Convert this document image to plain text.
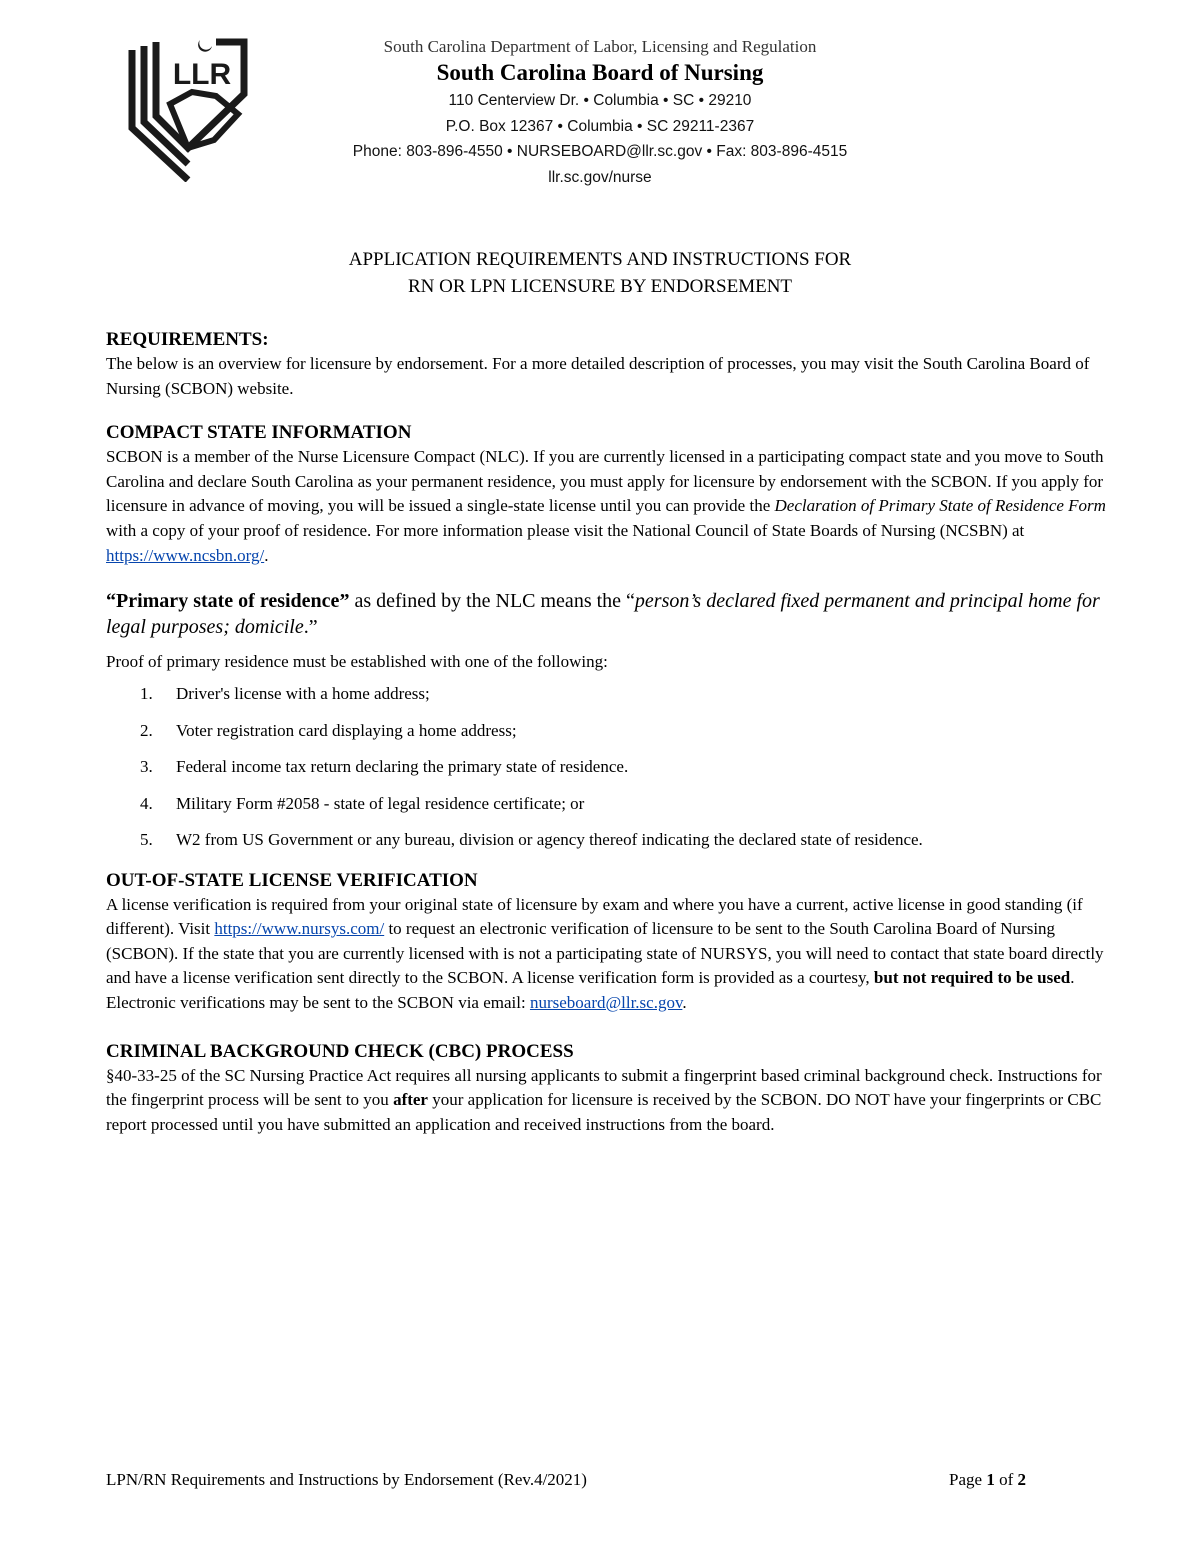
LLR
South Carolina Department of Labor, Licensing and Regulation
South Carolina Board of Nursing
110 Centerview Dr. • Columbia • SC • 29210
P.O. Box 12367 • Columbia • SC 29211-2367
Phone: 803-896-4550 • NURSEBOARD@llr.sc.gov • Fax: 803-896-4515
llr.sc.gov/nurse
APPLICATION REQUIREMENTS AND INSTRUCTIONS FOR
RN OR LPN LICENSURE BY ENDORSEMENT
REQUIREMENTS:

The below is an overview for licensure by endorsement. For a more detailed description of processes, you may visit the South Carolina Board of Nursing (SCBON) website.

COMPACT STATE INFORMATION

SCBON is a member of the Nurse Licensure Compact (NLC). If you are currently licensed in a participating compact state and you move to South Carolina and declare South Carolina as your permanent residence, you must apply for licensure by endorsement with the SCBON. If you apply for licensure in advance of moving, you will be issued a single-state license until you can provide the Declaration of Primary State of Residence Form with a copy of your proof of residence. For more information please visit the National Council of State Boards of Nursing (NCSBN) at https://www.ncsbn.org/.

“Primary state of residence” as defined by the NLC means the “person’s declared fixed permanent and principal home for legal purposes; domicile.”
Proof of primary residence must be established with one of the following:
1. Driver's license with a home address;
2. Voter registration card displaying a home address;
3. Federal income tax return declaring the primary state of residence.
4. Military Form #2058 - state of legal residence certificate; or
5. W2 from US Government or any bureau, division or agency thereof indicating the declared state of residence.
OUT-OF-STATE LICENSE VERIFICATION

A license verification is required from your original state of licensure by exam and where you have a current, active license in good standing (if different). Visit https://www.nursys.com/ to request an electronic verification of licensure to be sent to the South Carolina Board of Nursing (SCBON). If the state that you are currently licensed with is not a participating state of NURSYS, you will need to contact that state board directly and have a license verification sent directly to the SCBON. A license verification form is provided as a courtesy, but not required to be used. Electronic verifications may be sent to the SCBON via email: nurseboard@llr.sc.gov.

CRIMINAL BACKGROUND CHECK (CBC) PROCESS

§40-33-25 of the SC Nursing Practice Act requires all nursing applicants to submit a fingerprint based criminal background check. Instructions for the fingerprint process will be sent to you after your application for licensure is received by the SCBON. DO NOT have your fingerprints or CBC report processed until you have submitted an application and received instructions from the board.

LPN/RN Requirements and Instructions by Endorsement (Rev.4/2021)	Page 1 of 2
